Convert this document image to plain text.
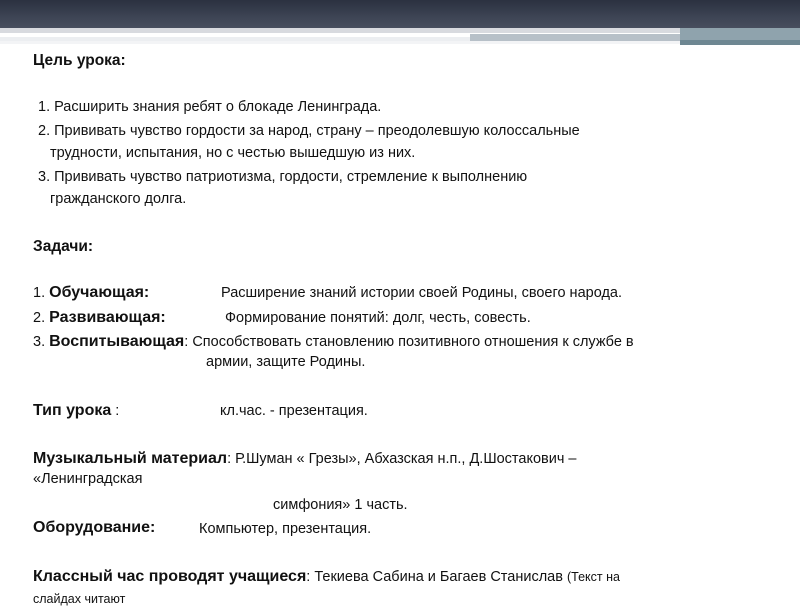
Цель урока:
1. Расширить знания ребят о блокаде Ленинграда.
2. Прививать чувство гордости за народ, страну – преодолевшую колоссальные
трудности, испытания, но с честью вышедшую из них.
3. Прививать чувство патриотизма, гордости, стремление к выполнению
гражданского долга.
Задачи:
1. Обучающая:	Расширение знаний истории своей Родины, своего народа.
2. Развивающая:	Формирование понятий: долг, честь, совесть.
3. Воспитывающая: Способствовать становлению позитивного отношения к службе в
армии, защите Родины.
Тип урока :	кл.час. - презентация.
Музыкальный материал: Р.Шуман « Грезы», Абхазская н.п., Д.Шостакович –
«Ленинградская
симфония» 1 часть.
Оборудование:	Компьютер, презентация.
Классный час проводят учащиеся: Текиева Сабина и Багаев Станислав (Текст на
слайдах читают
